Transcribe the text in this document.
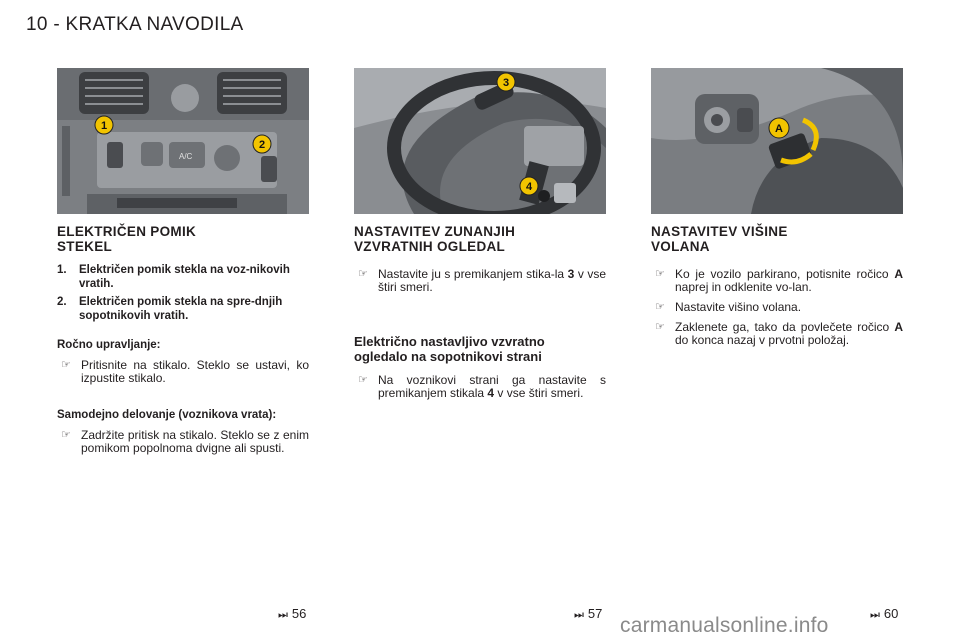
10 - KRATKA NAVODILA
A/C
1
2
ELEKTRIČEN POMIK
STEKEL
1. Električen pomik stekla na voz-nikovih vratih.
2. Električen pomik stekla na spre-dnjih sopotnikovih vratih.
Ročno upravljanje:
☞ Pritisnite na stikalo. Steklo se ustavi, ko izpustite stikalo.
Samodejno delovanje (voznikova vrata):
☞ Zadržite pritisk na stikalo. Steklo se z enim pomikom popolnoma dvigne ali spusti.
3
4
NASTAVITEV ZUNANJIH
VZVRATNIH OGLEDAL
☞ Nastavite ju s premikanjem stika-la 3 v vse štiri smeri.
Električno nastavljivo vzvratno
ogledalo na sopotnikovi strani
☞ Na voznikovi strani ga nastavite s premikanjem stikala 4 v vse štiri smeri.
A
NASTAVITEV VIŠINE
VOLANA
☞ Ko je vozilo parkirano, potisnite ročico A naprej in odklenite vo-lan.
☞ Nastavite višino volana.
☞ Zaklenete ga, tako da povlečete ročico A do konca nazaj v prvotni položaj.
⏭ 56	⏭ 57	⏭ 60
carmanualsonline.info
